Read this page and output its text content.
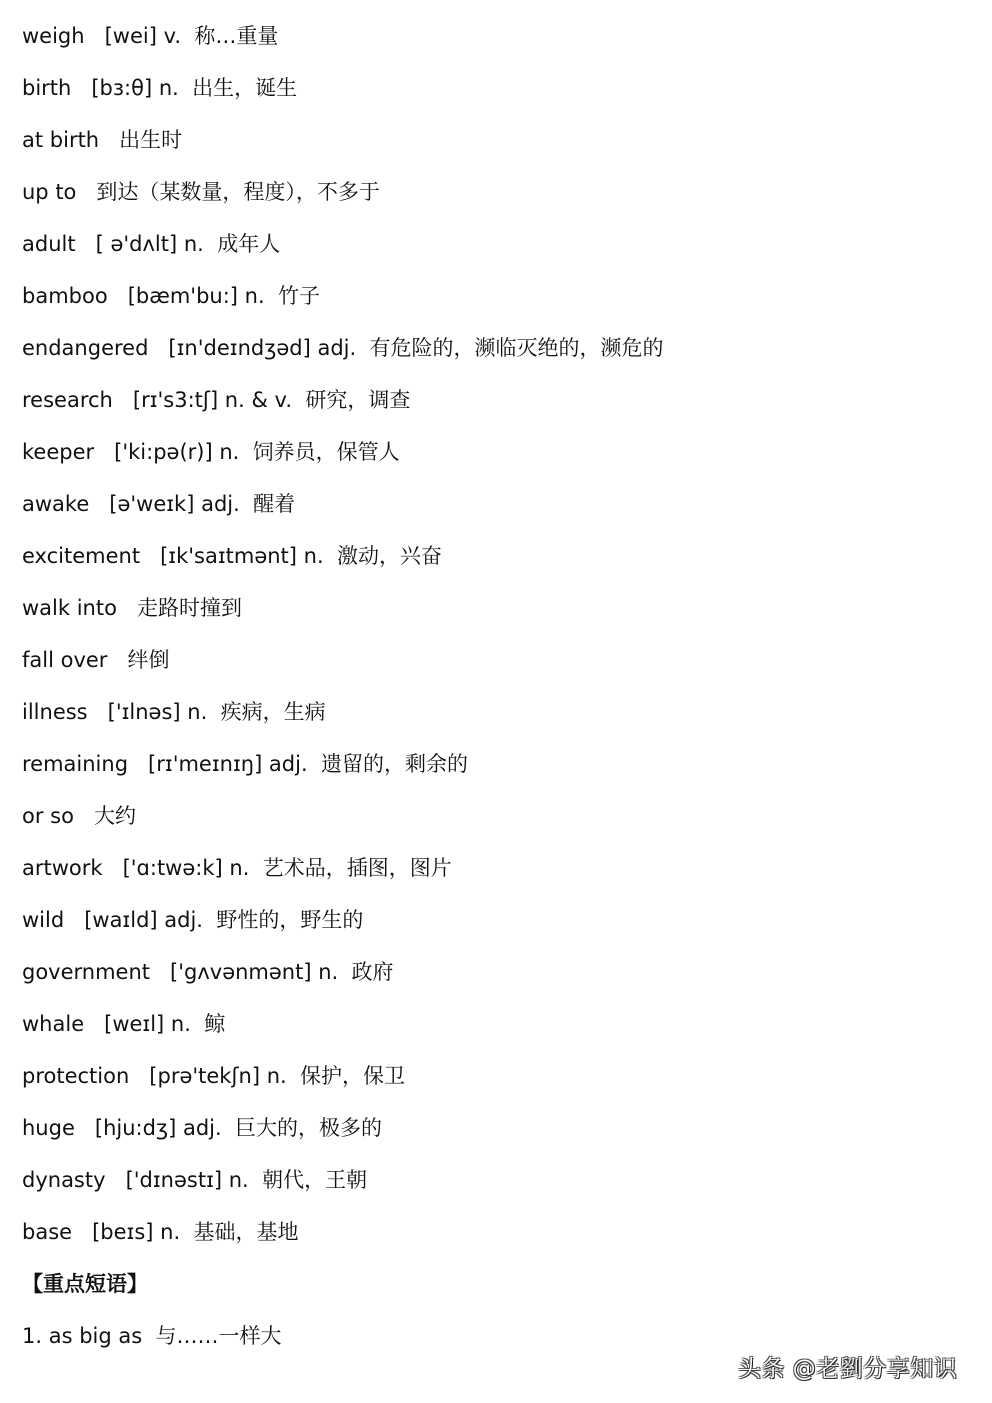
weigh   [wei] v.  称…重量
birth   [bɜ:θ] n.  出生，诞生
at birth   出生时
up to   到达（某数量，程度），不多于
adult   [ ə'dʌlt] n.  成年人
bamboo   [bæm'bu:] n.  竹子
endangered   [ɪn'deɪndʒəd] adj.  有危险的，濒临灭绝的，濒危的
research   [rɪ's3:tʃ] n. & v.  研究，调查
keeper   ['ki:pə(r)] n.  饲养员，保管人
awake   [ə'weɪk] adj.  醒着
excitement   [ɪk'saɪtmənt] n.  激动，兴奋
walk into   走路时撞到
fall over   绊倒
illness   ['ɪlnəs] n.  疾病，生病
remaining   [rɪ'meɪnɪŋ] adj.  遗留的，剩余的
or so   大约
artwork   ['ɑ:twə:k] n.  艺术品，插图，图片
wild   [waɪld] adj.  野性的，野生的
government   ['gʌvənmənt] n.  政府
whale   [weɪl] n.  鲸
protection   [prə'tekʃn] n.  保护，保卫
huge   [hju:dʒ] adj.  巨大的，极多的
dynasty   ['dɪnəstɪ] n.  朝代，王朝
base   [beɪs] n.  基础，基地
【重点短语】
1. as big as  与……一样大
头条 @老劉分享知识
